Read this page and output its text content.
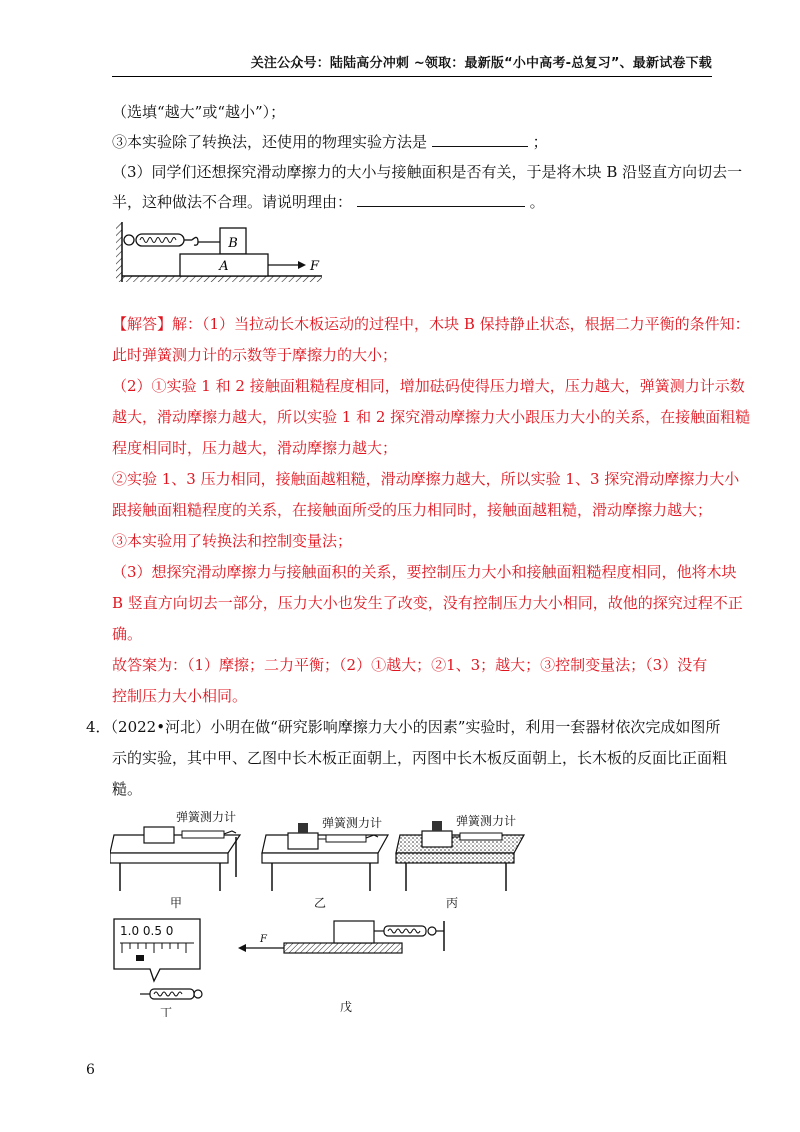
关注公众号：陆陆高分冲刺 ~领取：最新版“小中高考-总复习”、最新试卷下载
（选填“越大”或“越小”）；
③本实验除了转换法，还使用的物理实验方法是	；
（3）同学们还想探究滑动摩擦力的大小与接触面积是否有关，于是将木块 B 沿竖直方向切去一
半，这种做法不合理。请说明理由：	。
B
A	F
【解答】解：（1）当拉动长木板运动的过程中，木块 B 保持静止状态，根据二力平衡的条件知：
此时弹簧测力计的示数等于摩擦力的大小；
（2）①实验 1 和 2 接触面粗糙程度相同，增加砝码使得压力增大，压力越大，弹簧测力计示数
越大，滑动摩擦力越大，所以实验 1 和 2 探究滑动摩擦力大小跟压力大小的关系，在接触面粗糙
程度相同时，压力越大，滑动摩擦力越大；
②实验 1、3 压力相同，接触面越粗糙，滑动摩擦力越大，所以实验 1、3 探究滑动摩擦力大小
跟接触面粗糙程度的关系，在接触面所受的压力相同时，接触面越粗糙，滑动摩擦力越大；
③本实验用了转换法和控制变量法；
（3）想探究滑动摩擦力与接触面积的关系，要控制压力大小和接触面粗糙程度相同，他将木块
B 竖直方向切去一部分，压力大小也发生了改变，没有控制压力大小相同，故他的探究过程不正
确。
故答案为：（1）摩擦；二力平衡；（2）①越大；②1、3；越大；③控制变量法；（3）没有
控制压力大小相同。
4．（2022•河北）小明在做“研究影响摩擦力大小的因素”实验时，利用一套器材依次完成如图所
示的实验，其中甲、乙图中长木板正面朝上，丙图中长木板反面朝上，长木板的反面比正面粗
糙。
弹簧测力计
甲
弹簧测力计
乙
弹簧测力计
丙
1.0 0.5 0
丁
F
戊
6
